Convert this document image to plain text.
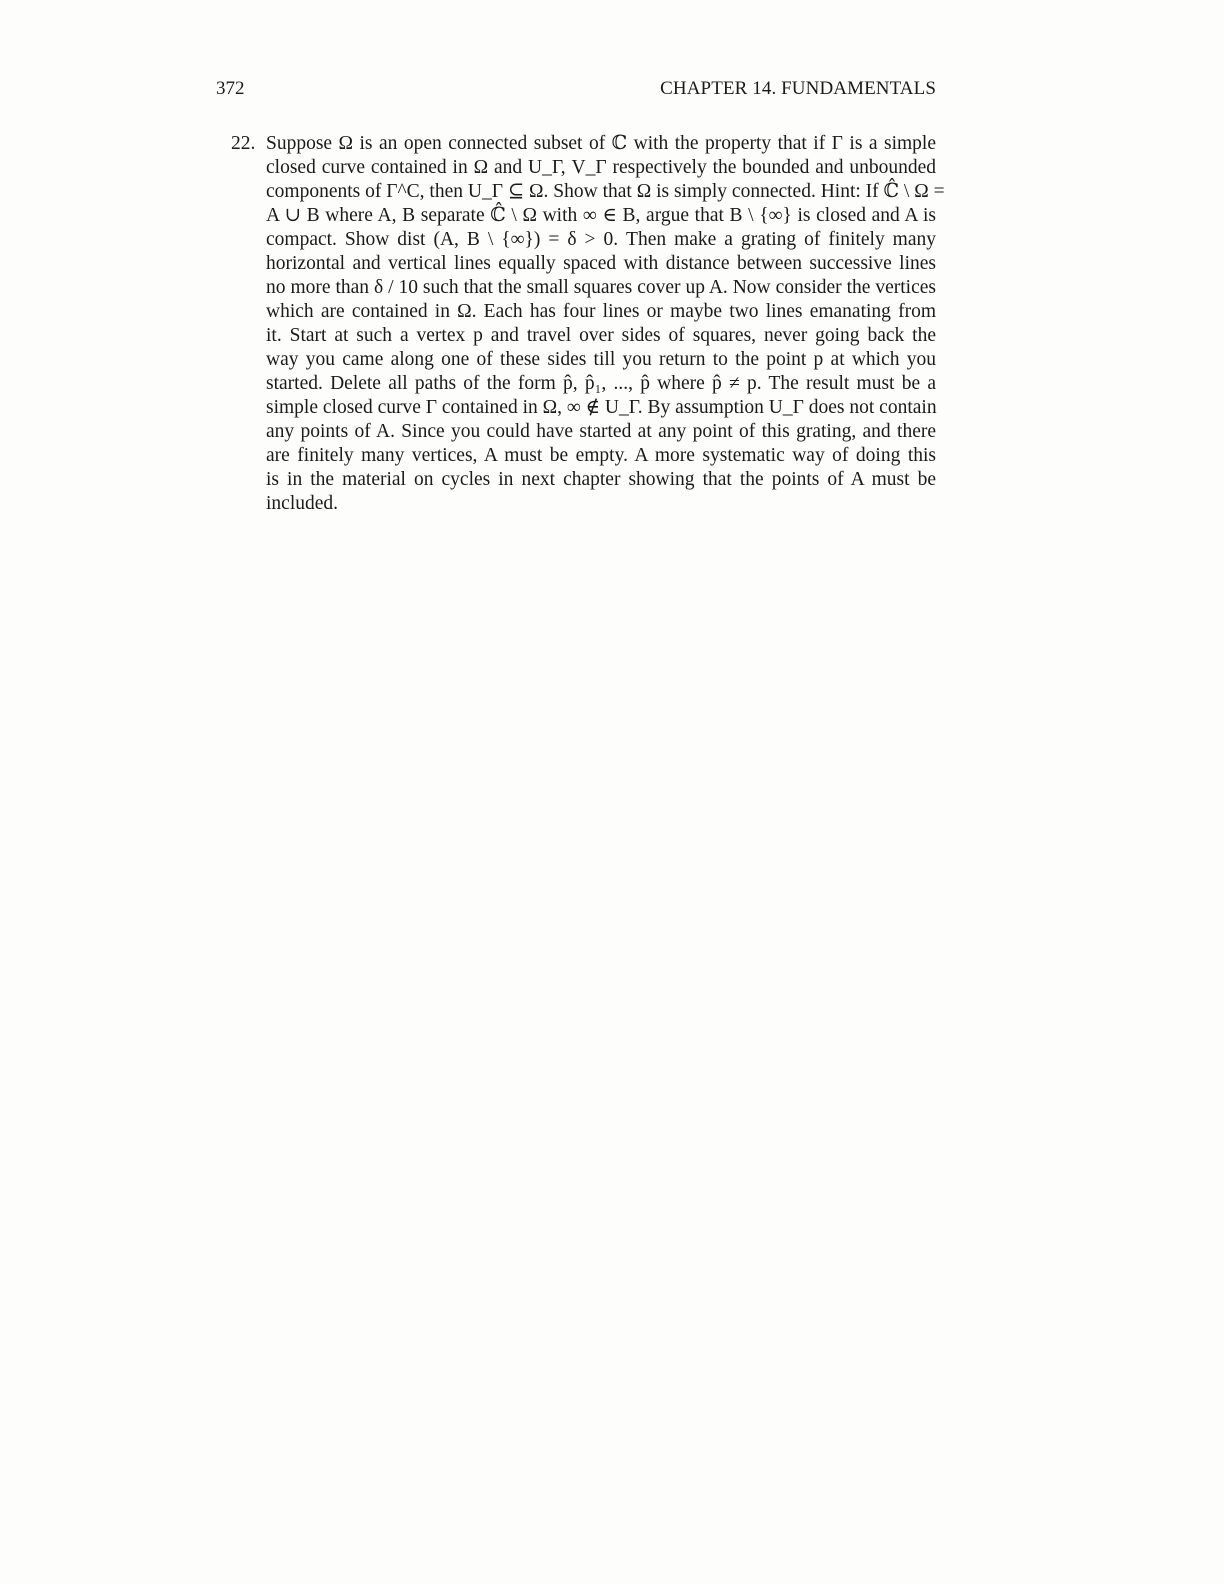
372	CHAPTER 14. FUNDAMENTALS
22. Suppose Ω is an open connected subset of ℂ with the property that if Γ is a simple
closed curve contained in Ω and U_Γ, V_Γ respectively the bounded and unbounded
components of Γ^C, then U_Γ ⊆ Ω. Show that Ω is simply connected. Hint: If ℂ̂ \ Ω =
A ∪ B where A, B separate ℂ̂ \ Ω with ∞ ∈ B, argue that B \ {∞} is closed and A is
compact. Show dist (A, B \ {∞}) = δ > 0. Then make a grating of finitely many
horizontal and vertical lines equally spaced with distance between successive lines
no more than δ / 10 such that the small squares cover up A. Now consider the vertices
which are contained in Ω. Each has four lines or maybe two lines emanating from
it. Start at such a vertex p and travel over sides of squares, never going back the
way you came along one of these sides till you return to the point p at which you
started. Delete all paths of the form p̂, p̂₁, ..., p̂ where p̂ ≠ p. The result must be a
simple closed curve Γ contained in Ω, ∞ ∉ U_Γ. By assumption U_Γ does not contain
any points of A. Since you could have started at any point of this grating, and there
are finitely many vertices, A must be empty. A more systematic way of doing this
is in the material on cycles in next chapter showing that the points of A must be
included.
